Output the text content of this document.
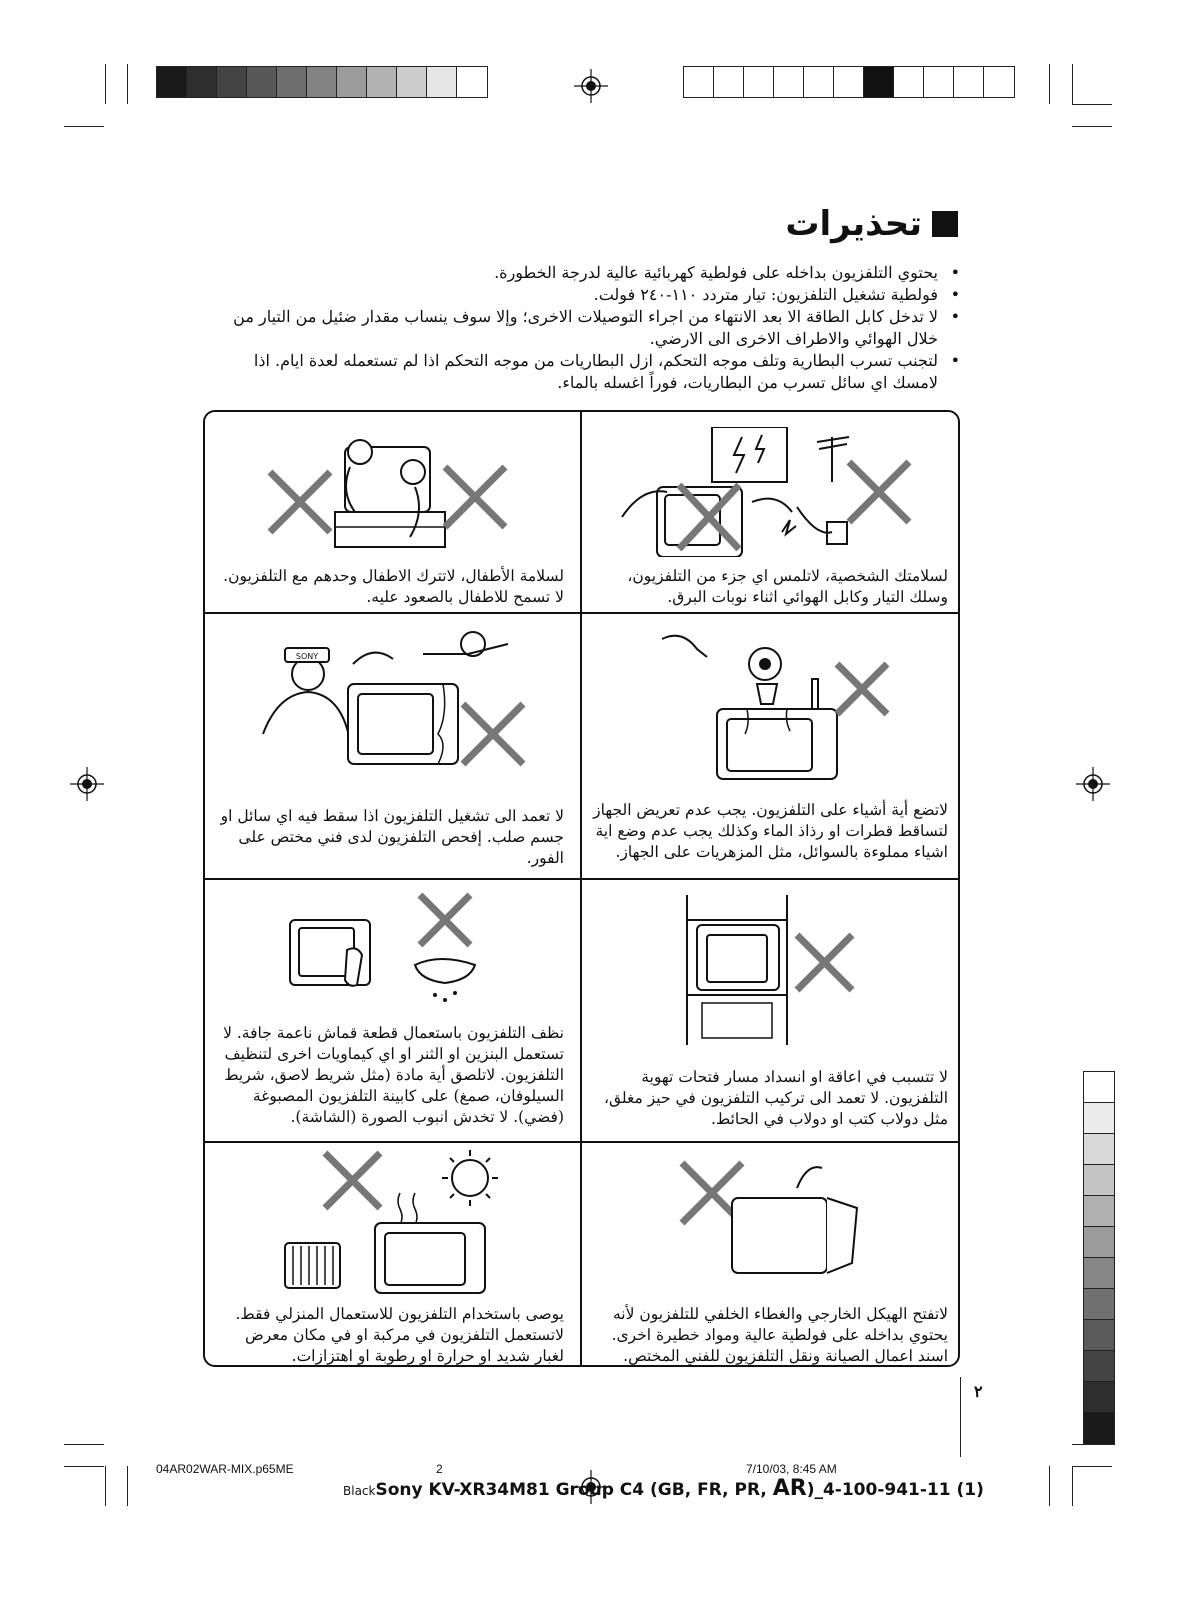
تحذيرات
• يحتوي التلفزيون بداخله على فولطية كهربائية عالية لدرجة الخطورة.
• فولطية تشغيل التلفزيون: تيار متردد ١١٠-٢٤٠ فولت.
• لا تدخل كابل الطاقة الا بعد الانتهاء من اجراء التوصيلات الاخرى؛ وإلا سوف ينساب مقدار ضئيل من التيار من خلال الهوائي والاطراف الاخرى الى الارضي.
• لتجنب تسرب البطارية وتلف موجه التحكم، ازل البطاريات من موجه التحكم اذا لم تستعمله لعدة ايام. اذا لامسك اي سائل تسرب من البطاريات، فوراً اغسله بالماء.
لسلامتك الشخصية، لاتلمس اي جزء من التلفزيون، وسلك التيار وكابل الهوائي اثناء نوبات البرق.
لسلامة الأطفال، لاتترك الاطفال وحدهم مع التلفزيون. لا تسمح للاطفال بالصعود عليه.
لاتضع أية أشياء على التلفزيون. يجب عدم تعريض الجهاز لتساقط قطرات او رذاذ الماء وكذلك يجب عدم وضع اية اشياء مملوءة بالسوائل، مثل المزهريات على الجهاز.
SONY
لا تعمد الى تشغيل التلفزيون اذا سقط فيه اي سائل او جسم صلب. إفحص التلفزيون لدى فني مختص على الفور.
لا تتسبب في اعاقة او انسداد مسار فتحات تهوية التلفزيون. لا تعمد الى تركيب التلفزيون في حيز مغلق، مثل دولاب كتب او دولاب في الحائط.
نظف التلفزيون باستعمال قطعة قماش ناعمة جافة. لا تستعمل البنزين او الثنر او اي كيماويات اخرى لتنظيف التلفزيون. لاتلصق أية مادة (مثل شريط لاصق، شريط السيلوفان، صمغ) على كابينة التلفزيون المصبوغة (فضي). لا تخدش انبوب الصورة (الشاشة).
لاتفتح الهيكل الخارجي والغطاء الخلفي للتلفزيون لأنه يحتوي بداخله على فولطية عالية ومواد خطيرة اخرى. اسند اعمال الصيانة ونقل التلفزيون للفني المختص.
يوصى باستخدام التلفزيون للاستعمال المنزلي فقط. لاتستعمل التلفزيون في مركبة او في مكان معرض لغبار شديد او حرارة او رطوبة او اهتزازات.
٢
04AR02WAR-MIX.p65ME	2	7/10/03, 8:45 AM
BlackSony KV-XR34M81 Group C4 (GB, FR, PR, AR)_4-100-941-11 (1)
